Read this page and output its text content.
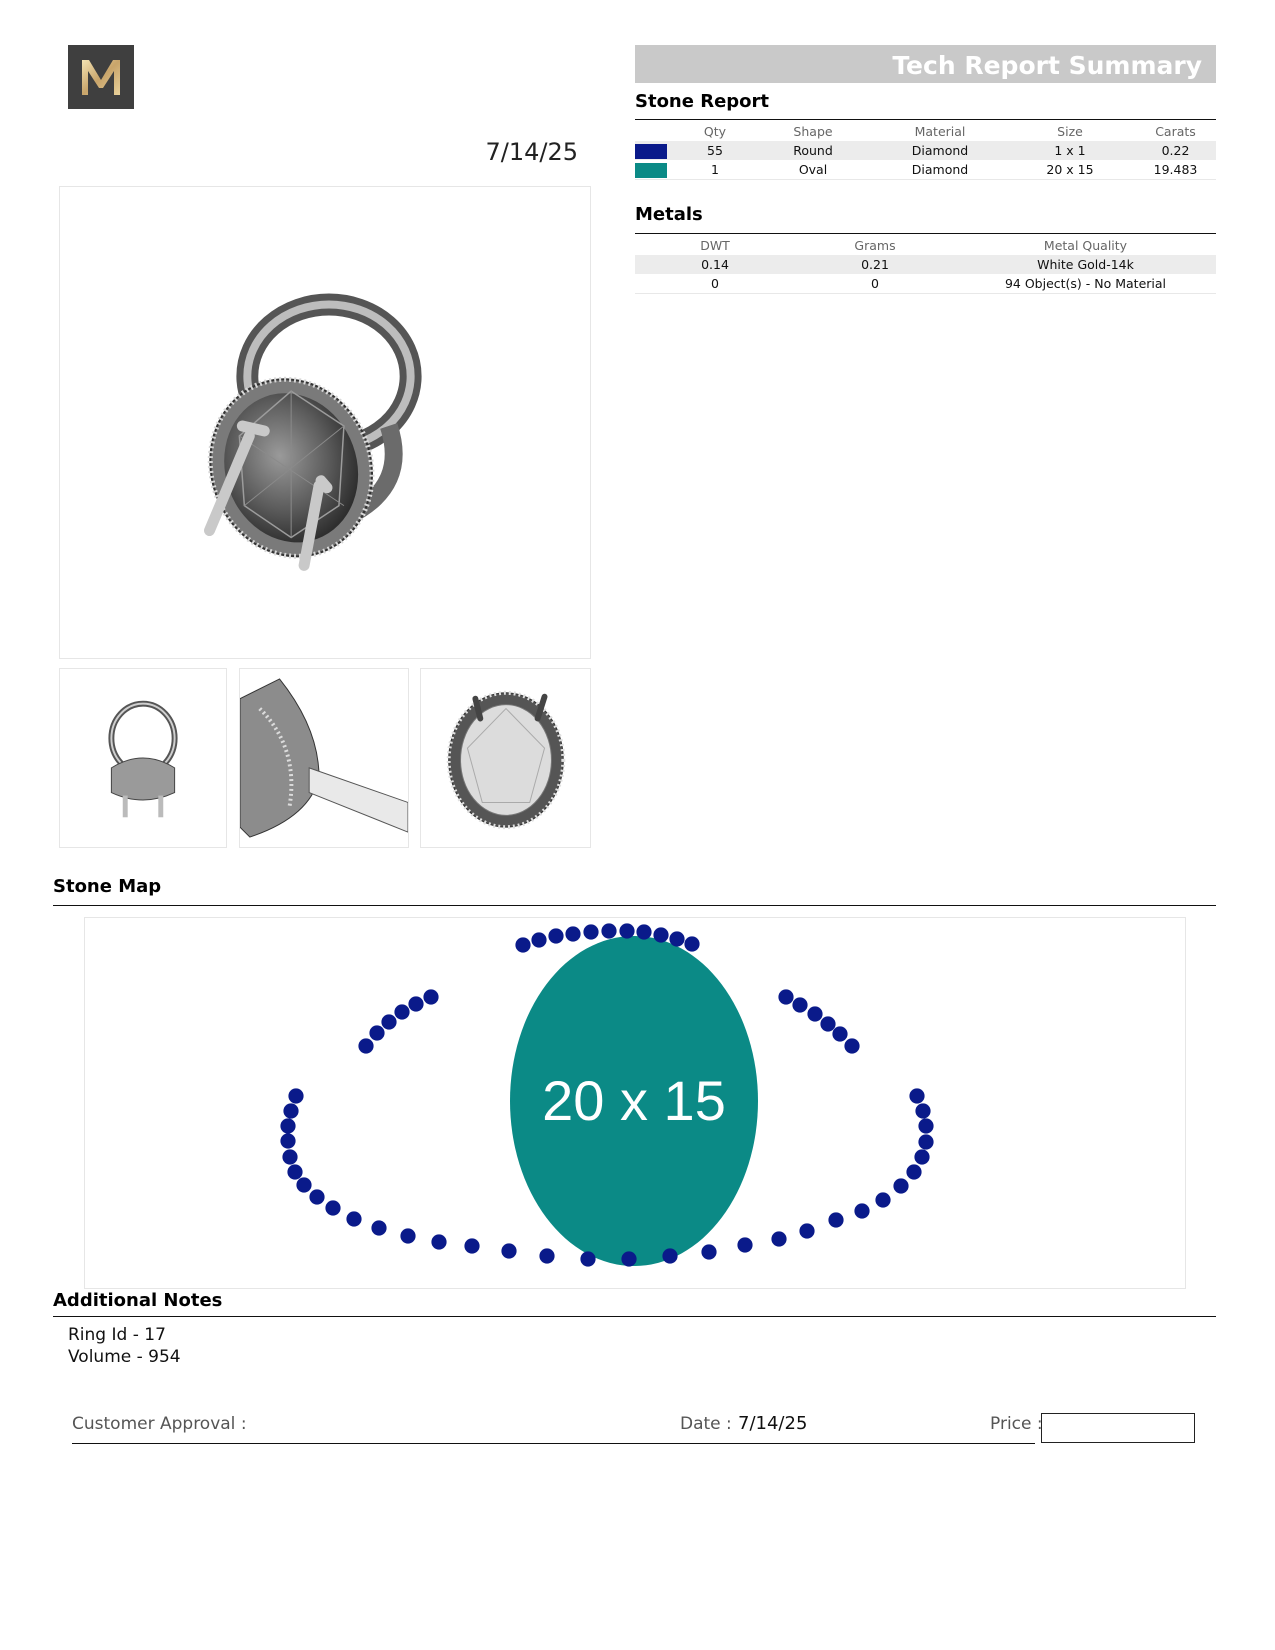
7/14/25
Tech Report Summary
Stone Report
	Qty	Shape	Material	Size	Carats
	55	Round	Diamond	1 x 1	0.22
	1	Oval	Diamond	20 x 15	19.483
Metals
DWT	Grams	Metal Quality
0.14	0.21	White Gold-14k
0	0	94 Object(s) - No Material
Stone Map
20 x 15
Additional Notes
Ring Id - 17
Volume - 954
Customer Approval :	Date : 7/14/25	Price :
